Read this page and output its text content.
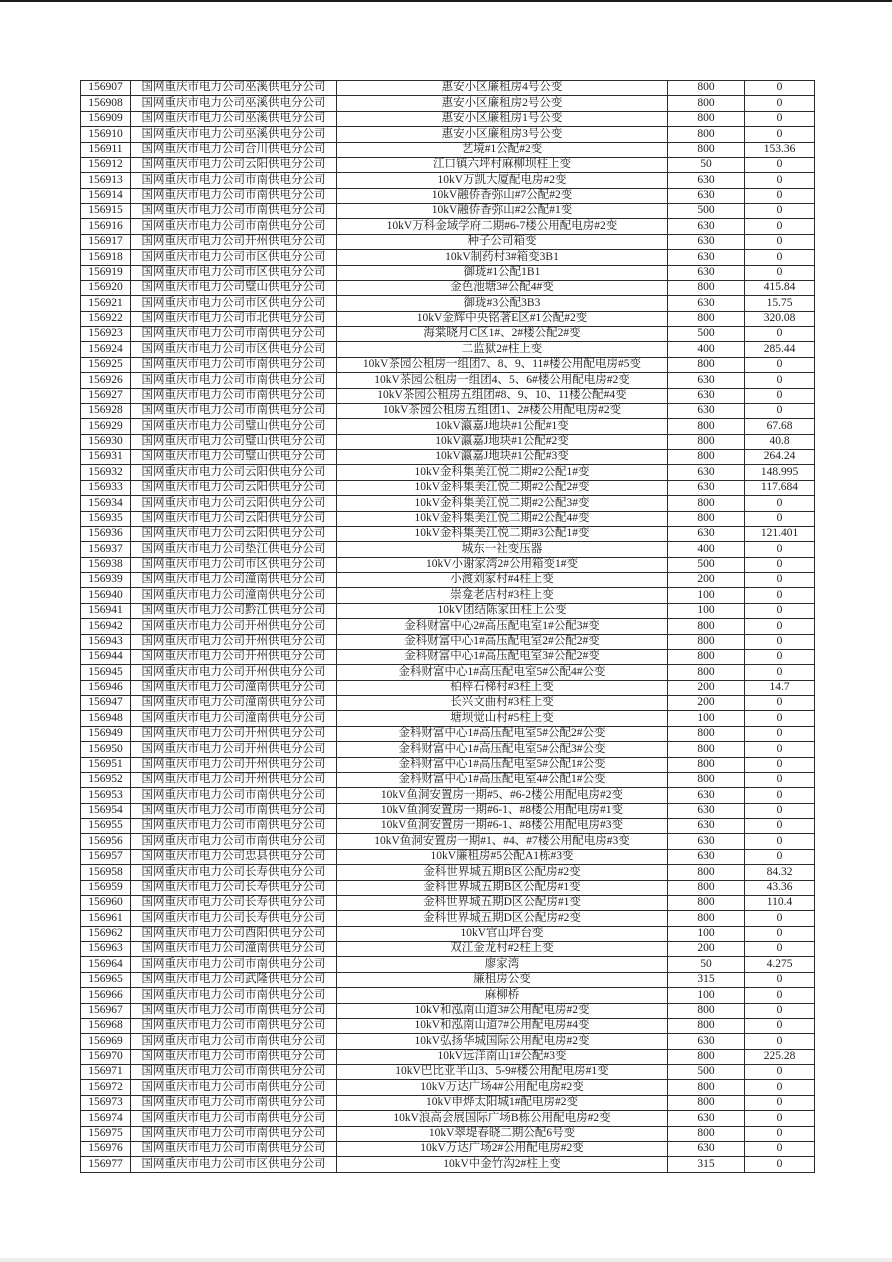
156907	国网重庆市电力公司巫溪供电分公司	惠安小区廉租房4号公变	800	0
156908	国网重庆市电力公司巫溪供电分公司	惠安小区廉租房2号公变	800	0
156909	国网重庆市电力公司巫溪供电分公司	惠安小区廉租房1号公变	800	0
156910	国网重庆市电力公司巫溪供电分公司	惠安小区廉租房3号公变	800	0
156911	国网重庆市电力公司合川供电分公司	艺境#1公配#2变	800	153.36
156912	国网重庆市电力公司云阳供电分公司	江口镇六坪村麻柳坝柱上变	50	0
156913	国网重庆市电力公司市南供电分公司	10kV万凯大厦配电房#2变	630	0
156914	国网重庆市电力公司市南供电分公司	10kV融侨香弥山#7公配#2变	630	0
156915	国网重庆市电力公司市南供电分公司	10kV融侨香弥山#2公配#1变	500	0
156916	国网重庆市电力公司市南供电分公司	10kV万科金域学府二期#6-7楼公用配电房#2变	630	0
156917	国网重庆市电力公司开州供电分公司	种子公司箱变	630	0
156918	国网重庆市电力公司市区供电分公司	10kV制药村3#箱变3B1	630	0
156919	国网重庆市电力公司市区供电分公司	御珑#1公配1B1	630	0
156920	国网重庆市电力公司璧山供电分公司	金色池塘3#公配4#变	800	415.84
156921	国网重庆市电力公司市区供电分公司	御珑#3公配3B3	630	15.75
156922	国网重庆市电力公司市北供电分公司	10kV金辉中央铭著E区#1公配#2变	800	320.08
156923	国网重庆市电力公司市南供电分公司	海棠晓月C区1#、2#楼公配2#变	500	0
156924	国网重庆市电力公司市区供电分公司	二监狱2#柱上变	400	285.44
156925	国网重庆市电力公司市南供电分公司	10kV茶园公租房一组团7、8、9、11#楼公用配电房#5变	800	0
156926	国网重庆市电力公司市南供电分公司	10kV茶园公租房一组团4、5、6#楼公用配电房#2变	630	0
156927	国网重庆市电力公司市南供电分公司	10kV茶园公租房五组团#8、9、10、11楼公配#4变	630	0
156928	国网重庆市电力公司市南供电分公司	10kV茶园公租房五组团1、2#楼公用配电房#2变	630	0
156929	国网重庆市电力公司璧山供电分公司	10kV瀛嘉J地块#1公配#1变	800	67.68
156930	国网重庆市电力公司璧山供电分公司	10kV瀛嘉J地块#1公配#2变	800	40.8
156931	国网重庆市电力公司璧山供电分公司	10kV瀛嘉J地块#1公配#3变	800	264.24
156932	国网重庆市电力公司云阳供电分公司	10kV金科集美江悦二期#2公配1#变	630	148.995
156933	国网重庆市电力公司云阳供电分公司	10kV金科集美江悦二期#2公配2#变	630	117.684
156934	国网重庆市电力公司云阳供电分公司	10kV金科集美江悦二期#2公配3#变	800	0
156935	国网重庆市电力公司云阳供电分公司	10kV金科集美江悦二期#2公配4#变	800	0
156936	国网重庆市电力公司云阳供电分公司	10kV金科集美江悦二期#3公配1#变	630	121.401
156937	国网重庆市电力公司垫江供电分公司	城东一社变压器	400	0
156938	国网重庆市电力公司市区供电分公司	10kV小谢家湾2#公用箱变1#变	500	0
156939	国网重庆市电力公司潼南供电分公司	小渡刘家村#4柱上变	200	0
156940	国网重庆市电力公司潼南供电分公司	崇龛老店村#3柱上变	100	0
156941	国网重庆市电力公司黔江供电分公司	10kV团结陈家田柱上公变	100	0
156942	国网重庆市电力公司开州供电分公司	金科财富中心2#高压配电室1#公配3#变	800	0
156943	国网重庆市电力公司开州供电分公司	金科财富中心1#高压配电室2#公配2#变	800	0
156944	国网重庆市电力公司开州供电分公司	金科财富中心1#高压配电室3#公配2#变	800	0
156945	国网重庆市电力公司开州供电分公司	金科财富中心1#高压配电室5#公配4#公变	800	0
156946	国网重庆市电力公司潼南供电分公司	柏梓石梯村#3柱上变	200	14.7
156947	国网重庆市电力公司潼南供电分公司	长兴文曲村#3柱上变	200	0
156948	国网重庆市电力公司潼南供电分公司	塘坝觉山村#5柱上变	100	0
156949	国网重庆市电力公司开州供电分公司	金科财富中心1#高压配电室5#公配2#公变	800	0
156950	国网重庆市电力公司开州供电分公司	金科财富中心1#高压配电室5#公配3#公变	800	0
156951	国网重庆市电力公司开州供电分公司	金科财富中心1#高压配电室5#公配1#公变	800	0
156952	国网重庆市电力公司开州供电分公司	金科财富中心1#高压配电室4#公配1#公变	800	0
156953	国网重庆市电力公司市南供电分公司	10kV鱼洞安置房一期#5、#6-2楼公用配电房#2变	630	0
156954	国网重庆市电力公司市南供电分公司	10kV鱼洞安置房一期#6-1、#8楼公用配电房#1变	630	0
156955	国网重庆市电力公司市南供电分公司	10kV鱼洞安置房一期#6-1、#8楼公用配电房#3变	630	0
156956	国网重庆市电力公司市南供电分公司	10kV鱼洞安置房一期#1、#4、#7楼公用配电房#3变	630	0
156957	国网重庆市电力公司忠县供电分公司	10kV廉租房#5公配A1栋#3变	630	0
156958	国网重庆市电力公司长寿供电分公司	金科世界城五期B区公配房#2变	800	84.32
156959	国网重庆市电力公司长寿供电分公司	金科世界城五期B区公配房#1变	800	43.36
156960	国网重庆市电力公司长寿供电分公司	金科世界城五期D区公配房#1变	800	110.4
156961	国网重庆市电力公司长寿供电分公司	金科世界城五期D区公配房#2变	800	0
156962	国网重庆市电力公司酉阳供电分公司	10kV官山坪台变	100	0
156963	国网重庆市电力公司潼南供电分公司	双江金龙村#2柱上变	200	0
156964	国网重庆市电力公司市南供电分公司	廖家湾	50	4.275
156965	国网重庆市电力公司武隆供电分公司	廉租房公变	315	0
156966	国网重庆市电力公司市南供电分公司	麻柳桥	100	0
156967	国网重庆市电力公司市南供电分公司	10kV和泓南山道3#公用配电房#2变	800	0
156968	国网重庆市电力公司市南供电分公司	10kV和泓南山道7#公用配电房#4变	800	0
156969	国网重庆市电力公司市南供电分公司	10kV弘扬华城国际公用配电房#2变	630	0
156970	国网重庆市电力公司市南供电分公司	10kV远洋南山1#公配#3变	800	225.28
156971	国网重庆市电力公司市南供电分公司	10kV巴比亚半山3、5-9#楼公用配电房#1变	500	0
156972	国网重庆市电力公司市南供电分公司	10kV万达广场4#公用配电房#2变	800	0
156973	国网重庆市电力公司市南供电分公司	10kV申烨太阳城1#配电房#2变	800	0
156974	国网重庆市电力公司市南供电分公司	10kV浪高会展国际广场B栋公用配电房#2变	630	0
156975	国网重庆市电力公司市南供电分公司	10kV翠堤春晓二期公配6号变	800	0
156976	国网重庆市电力公司市南供电分公司	10kV万达广场2#公用配电房#2变	630	0
156977	国网重庆市电力公司市区供电分公司	10kV中金竹沟2#柱上变	315	0
